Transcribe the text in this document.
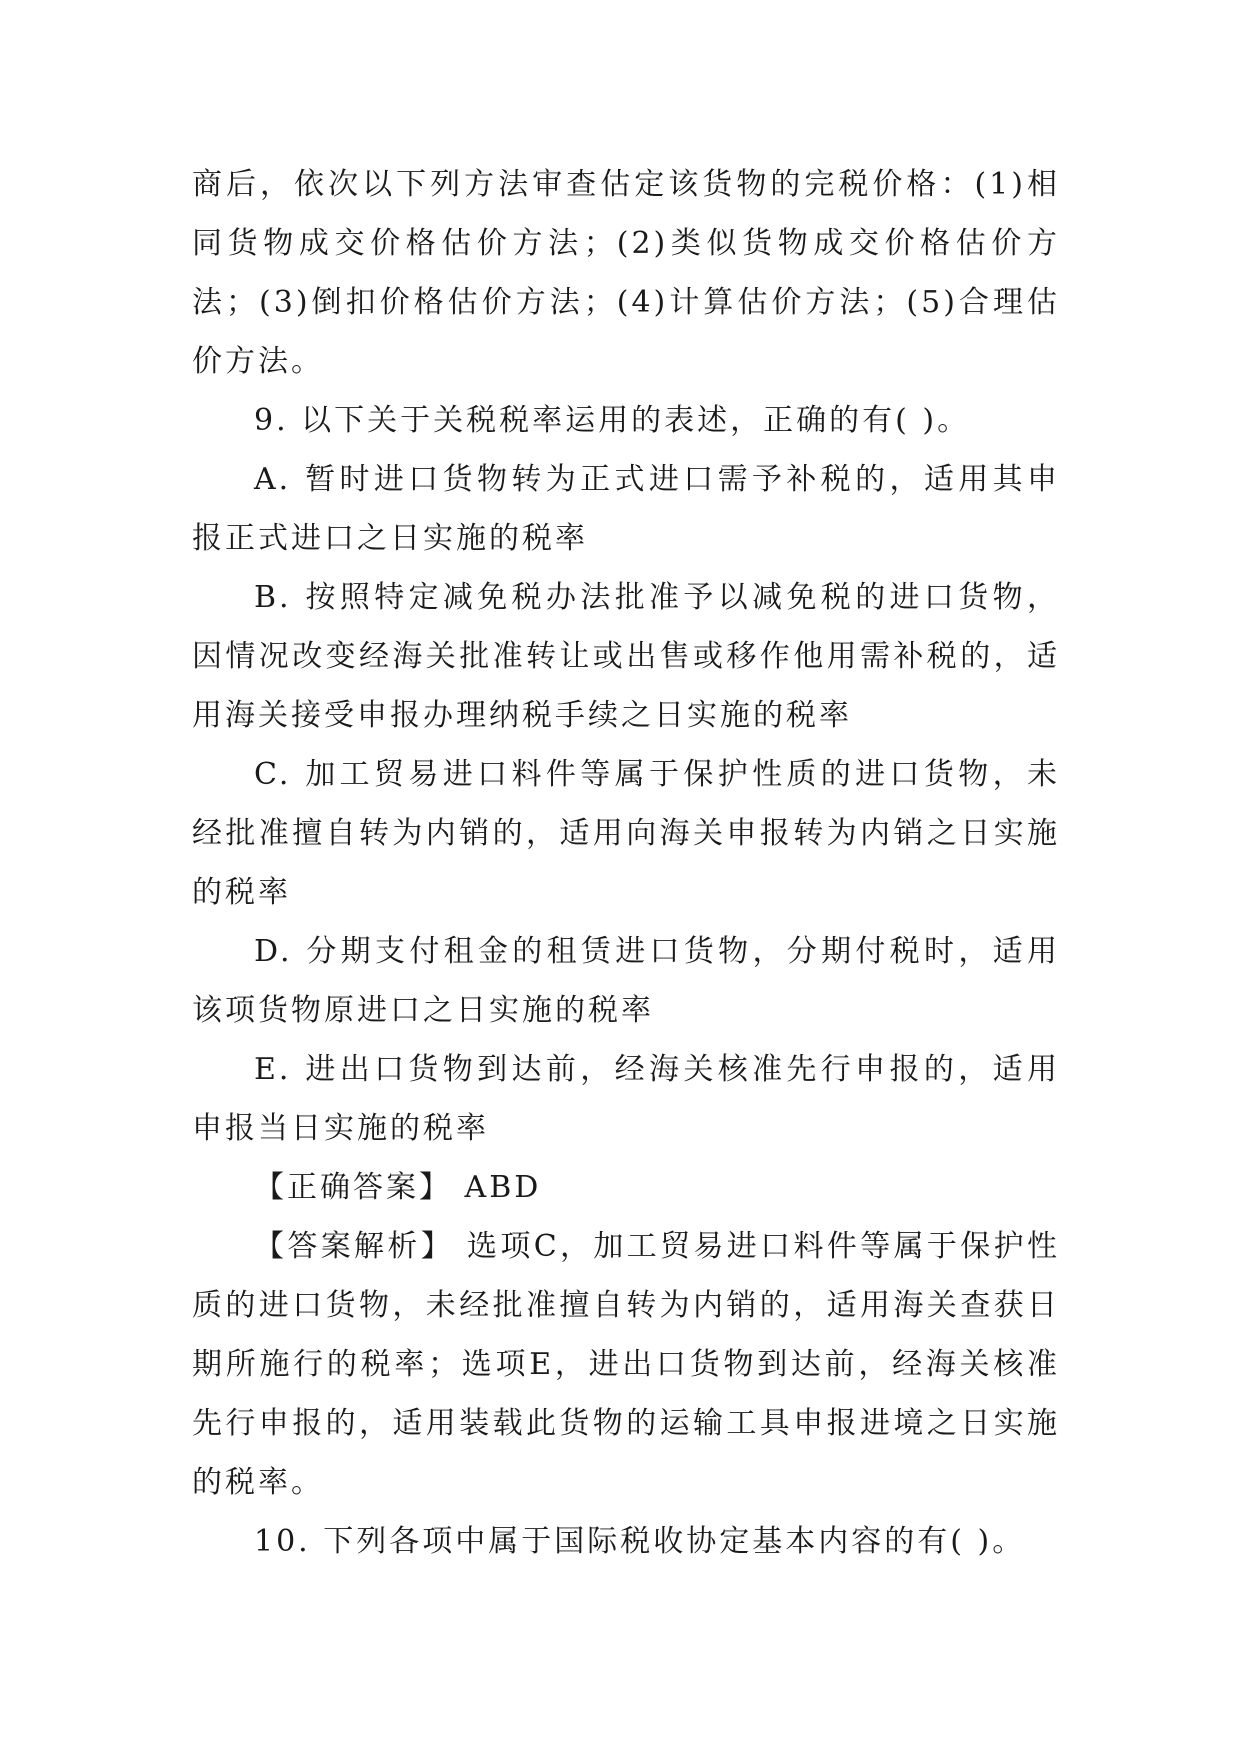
商后，依次以下列方法审查估定该货物的完税价格：(1)相同货物成交价格估价方法；(2)类似货物成交价格估价方法；(3)倒扣价格估价方法；(4)计算估价方法；(5)合理估价方法。

9. 以下关于关税税率运用的表述，正确的有( )。

A. 暂时进口货物转为正式进口需予补税的，适用其申报正式进口之日实施的税率

B. 按照特定减免税办法批准予以减免税的进口货物，因情况改变经海关批准转让或出售或移作他用需补税的，适用海关接受申报办理纳税手续之日实施的税率

C. 加工贸易进口料件等属于保护性质的进口货物，未经批准擅自转为内销的，适用向海关申报转为内销之日实施的税率

D. 分期支付租金的租赁进口货物，分期付税时，适用该项货物原进口之日实施的税率

E. 进出口货物到达前，经海关核准先行申报的，适用申报当日实施的税率

【正确答案】 ABD

【答案解析】 选项C，加工贸易进口料件等属于保护性质的进口货物，未经批准擅自转为内销的，适用海关查获日期所施行的税率；选项E，进出口货物到达前，经海关核准先行申报的，适用装载此货物的运输工具申报进境之日实施的税率。

10. 下列各项中属于国际税收协定基本内容的有( )。
